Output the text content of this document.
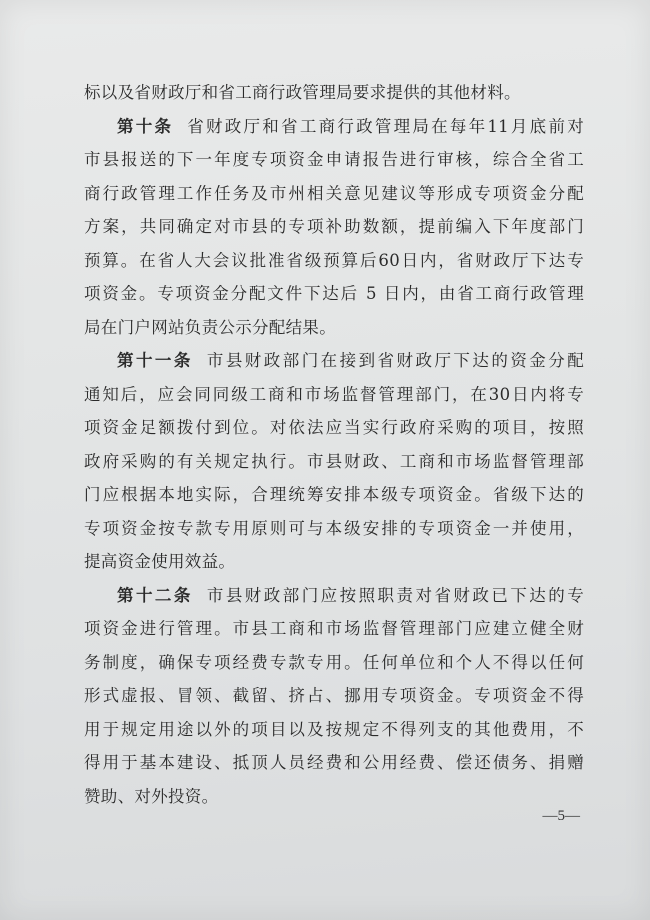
标以及省财政厅和省工商行政管理局要求提供的其他材料。
第十条 省财政厅和省工商行政管理局在每年11月底前对
市县报送的下一年度专项资金申请报告进行审核，综合全省工
商行政管理工作任务及市州相关意见建议等形成专项资金分配
方案，共同确定对市县的专项补助数额，提前编入下年度部门
预算。在省人大会议批准省级预算后60日内，省财政厅下达专
项资金。专项资金分配文件下达后 5 日内，由省工商行政管理
局在门户网站负责公示分配结果。
第十一条 市县财政部门在接到省财政厅下达的资金分配
通知后，应会同同级工商和市场监督管理部门，在30日内将专
项资金足额拨付到位。对依法应当实行政府采购的项目，按照
政府采购的有关规定执行。市县财政、工商和市场监督管理部
门应根据本地实际，合理统筹安排本级专项资金。省级下达的
专项资金按专款专用原则可与本级安排的专项资金一并使用，
提高资金使用效益。
第十二条 市县财政部门应按照职责对省财政已下达的专
项资金进行管理。市县工商和市场监督管理部门应建立健全财
务制度，确保专项经费专款专用。任何单位和个人不得以任何
形式虚报、冒领、截留、挤占、挪用专项资金。专项资金不得
用于规定用途以外的项目以及按规定不得列支的其他费用，不
得用于基本建设、抵顶人员经费和公用经费、偿还债务、捐赠
赞助、对外投资。
—5—
